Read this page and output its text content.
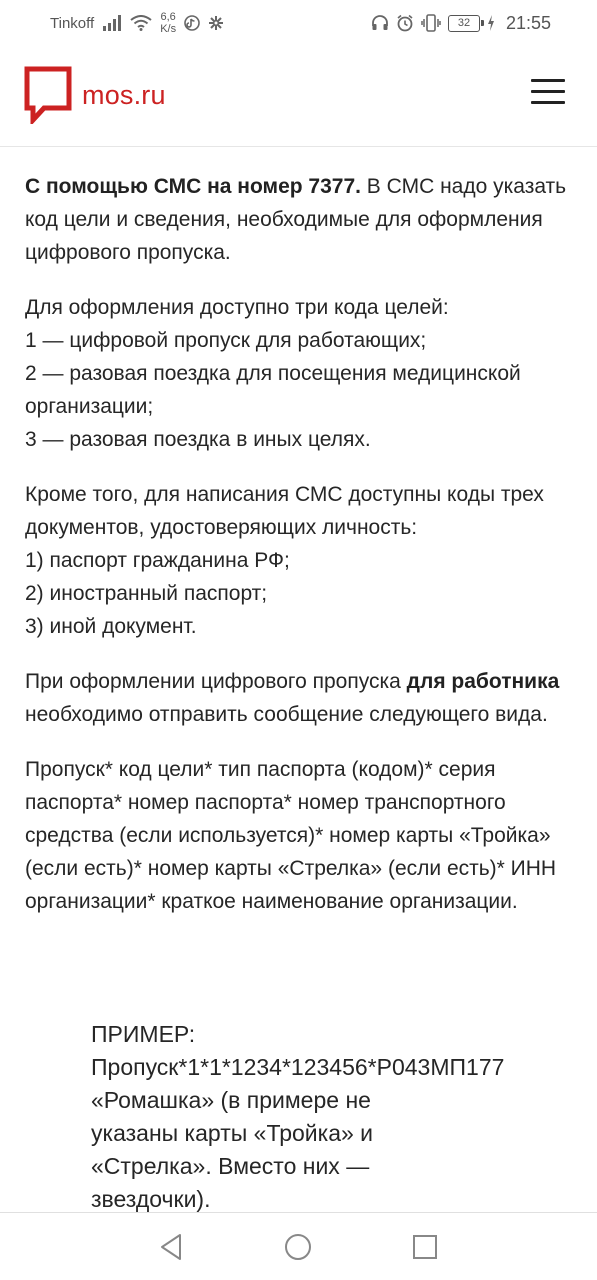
Tinkoff	6,6
K/s	32	21:55
mos.ru

С помощью СМС на номер 7377. В СМС надо указать код цели и сведения, необходимые для оформления цифрового пропуска.

Для оформления доступно три кода целей:
1 — цифровой пропуск для работающих;
2 — разовая поездка для посещения медицинской организации;
3 — разовая поездка в иных целях.

Кроме того, для написания СМС доступны коды трех документов, удостоверяющих личность:
1) паспорт гражданина РФ;
2) иностранный паспорт;
3) иной документ.

При оформлении цифрового пропуска для работника необходимо отправить сообщение следующего вида.

Пропуск* код цели* тип паспорта (кодом)* серия паспорта* номер паспорта* номер транспортного средства (если используется)* номер карты «Тройка» (если есть)* номер карты «Стрелка» (если есть)* ИНН организации* краткое наименование организации.

ПРИМЕР:
Пропуск*1*1*1234*123456*Р043МП177
«Ромашка» (в примере не
указаны карты «Тройка» и
«Стрелка». Вместо них —
звездочки).
